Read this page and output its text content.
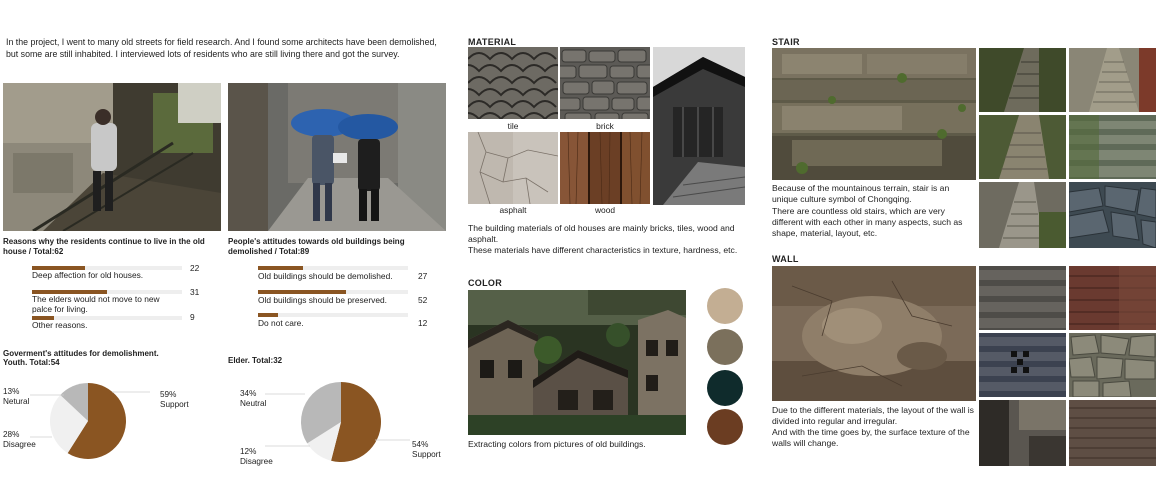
In the project, I went to many old streets for field research. And I found some architects have been demolished, but some are still inhabited. I interviewed lots of residents who are still living there and got the survey.
Reasons why the residents continue to live in the old house / Total:62
Deep affection for old houses.
22
The elders would not move to new palce for living.
31
Other reasons.
9
People's attitudes towards old buildings being demolished / Total:89
Old buildings should be demolished.	27
Old buildings should be preserved.	52
Do not care.	12
Goverment's attitudes for demolishment.
Youth. Total:54	Elder. Total:32
59%
Support
13%
Netural
28%
Disagree
34%
Neutral
54%
Support
12%
Disagree
MATERIAL
tile	brick
asphalt	wood
The building materials of old houses are mainly bricks, tiles, wood and asphalt.
These materials have different characteristics in texture, hardness, etc.
COLOR
Extracting colors from pictures of old buildings.
STAIR
Because of the mountainous terrain, stair is an unique culture symbol of Chongqing.
There are countless old stairs, which are very different with each other in many aspects, such as shape, material, layout, etc.
WALL
Due to the different materials, the layout of the wall is divided into regular and irregular.
And with the time goes by, the surface texture of the walls will change.
